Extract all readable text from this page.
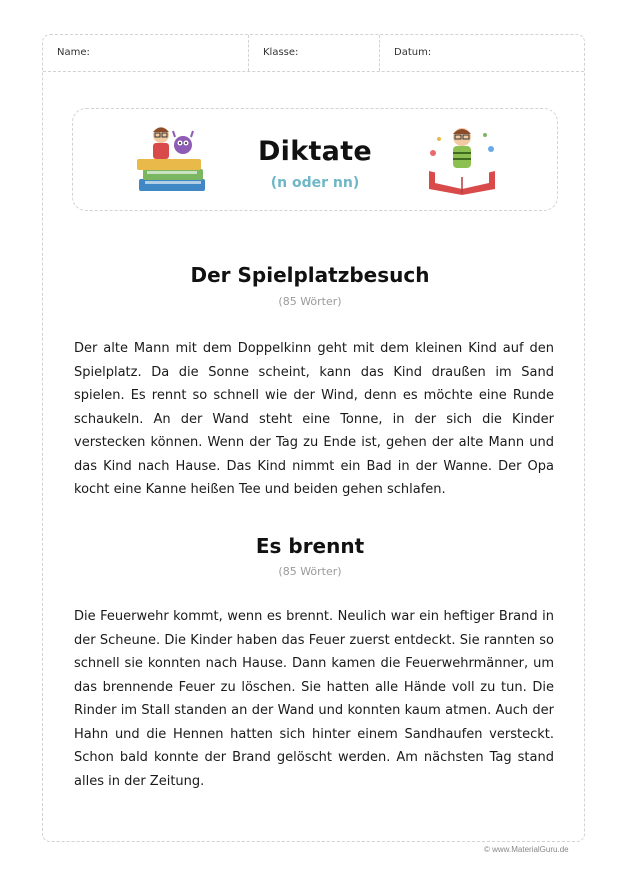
Name:	Klasse:	Datum:
Diktate
(n oder nn)
Der Spielplatzbesuch
(85 Wörter)
Der alte Mann mit dem Doppelkinn geht mit dem kleinen Kind auf den Spielplatz. Da die Sonne scheint, kann das Kind draußen im Sand spielen. Es rennt so schnell wie der Wind, denn es möchte eine Runde schaukeln. An der Wand steht eine Tonne, in der sich die Kinder verstecken können. Wenn der Tag zu Ende ist, gehen der alte Mann und das Kind nach Hause. Das Kind nimmt ein Bad in der Wanne. Der Opa kocht eine Kanne heißen Tee und beiden gehen schlafen.
Es brennt
(85 Wörter)
Die Feuerwehr kommt, wenn es brennt. Neulich war ein heftiger Brand in der Scheune. Die Kinder haben das Feuer zuerst entdeckt. Sie rannten so schnell sie konnten nach Hause. Dann kamen die Feuerwehrmänner, um das brennende Feuer zu löschen. Sie hatten alle Hände voll zu tun. Die Rinder im Stall standen an der Wand und konnten kaum atmen. Auch der Hahn und die Hennen hatten sich hinter einem Sandhaufen versteckt. Schon bald konnte der Brand gelöscht werden. Am nächsten Tag stand alles in der Zeitung.
© www.MaterialGuru.de
